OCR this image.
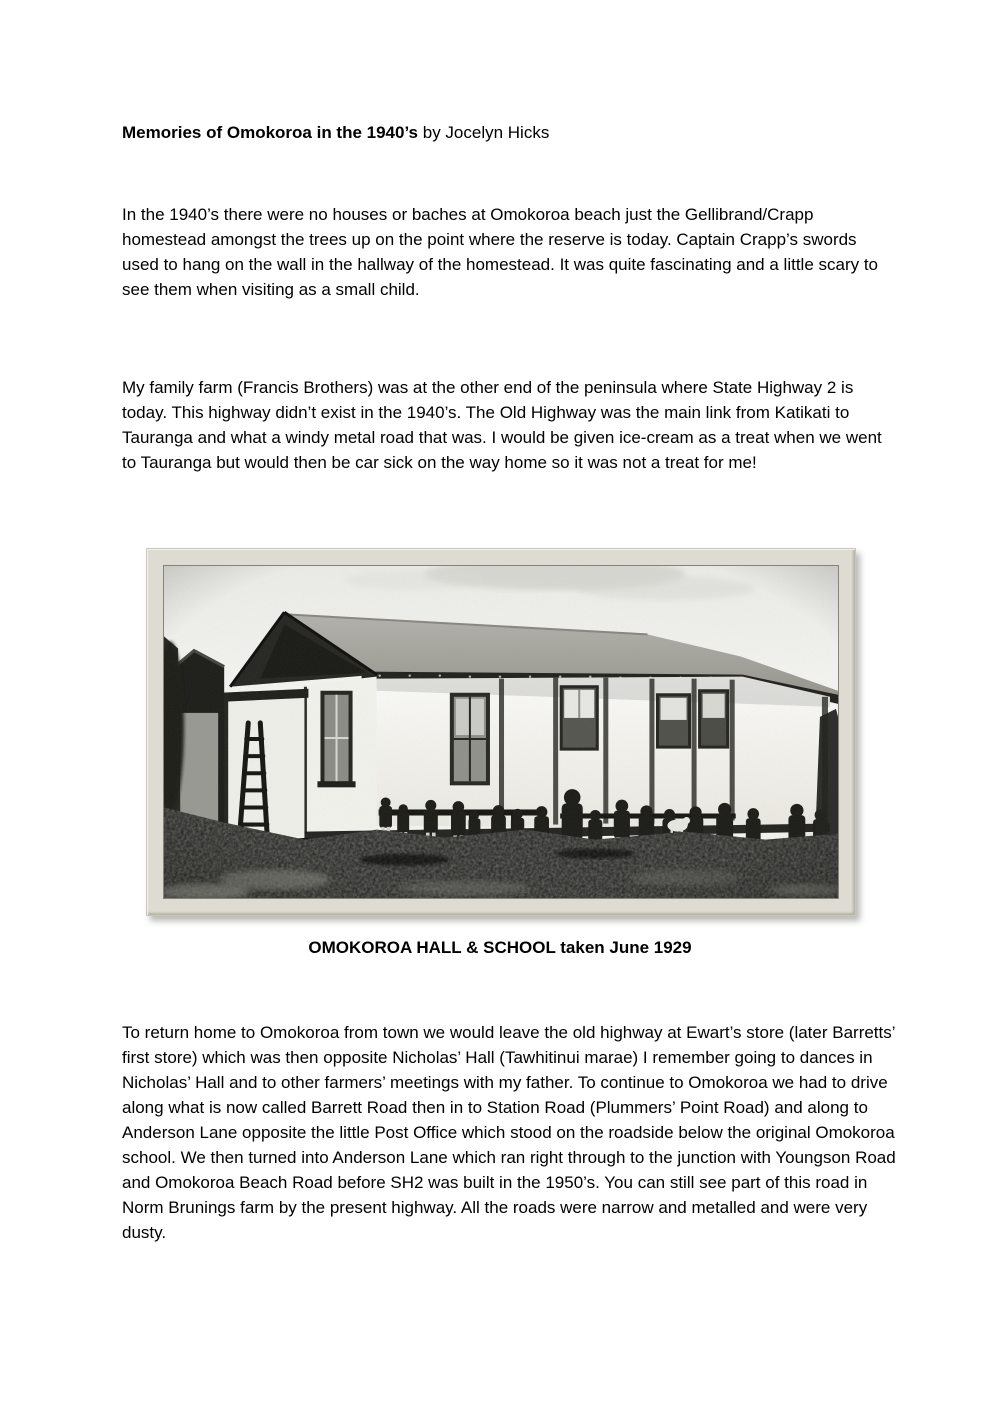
Memories of Omokoroa in the 1940’s by Jocelyn Hicks

In the 1940’s there were no houses or baches at Omokoroa beach just the Gellibrand/Crapp homestead amongst the trees up on the point where the reserve is today. Captain Crapp’s swords used to hang on the wall in the hallway of the homestead. It was quite fascinating and a little scary to see them when visiting as a small child.

My family farm (Francis Brothers) was at the other end of the peninsula where State Highway 2 is today. This highway didn’t exist in the 1940’s. The Old Highway was the main link from Katikati to Tauranga and what a windy metal road that was. I would be given ice-cream as a treat when we went to Tauranga but would then be car sick on the way home so it was not a treat for me!

OMOKOROA HALL & SCHOOL taken June 1929

To return home to Omokoroa from town we would leave the old highway at Ewart’s store (later Barretts’ first store) which was then opposite Nicholas’ Hall (Tawhitinui marae) I remember going to dances in Nicholas’ Hall and to other farmers’ meetings with my father. To continue to Omokoroa we had to drive along what is now called Barrett Road then in to Station Road (Plummers’ Point Road) and along to Anderson Lane opposite the little Post Office which stood on the roadside below the original Omokoroa school. We then turned into Anderson Lane which ran right through to the junction with Youngson Road and Omokoroa Beach Road before SH2 was built in the 1950’s. You can still see part of this road in Norm Brunings farm by the present highway. All the roads were narrow and metalled and were very dusty.
